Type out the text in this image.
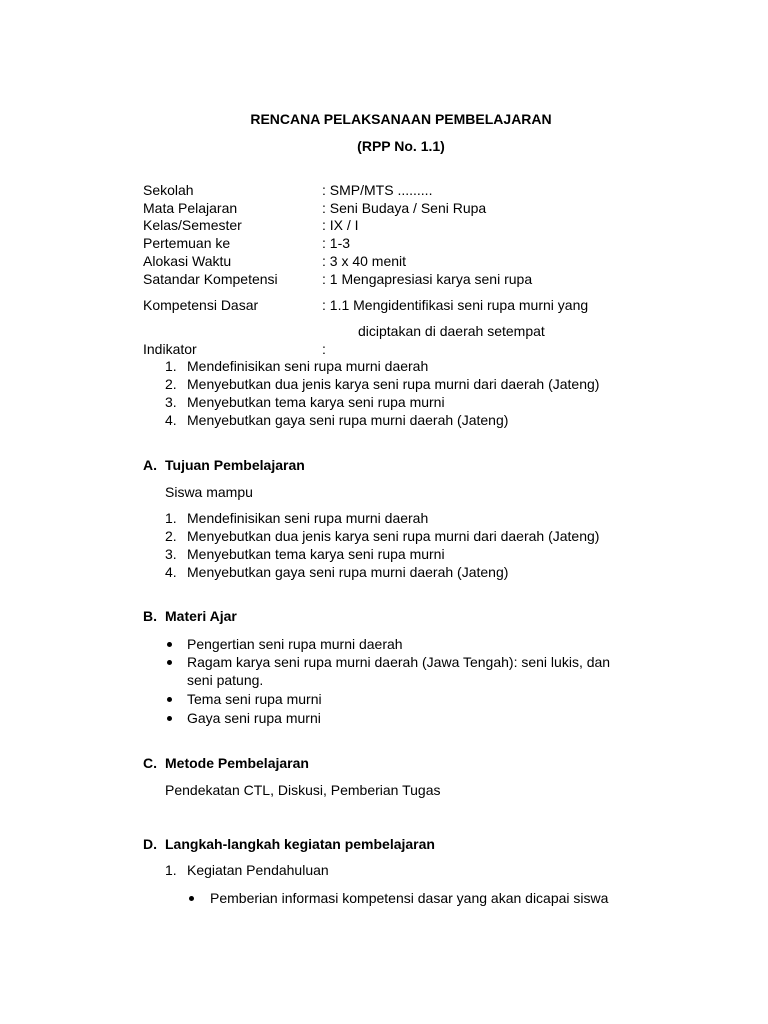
RENCANA PELAKSANAAN PEMBELAJARAN
(RPP No. 1.1)
Sekolah	: SMP/MTS .........
Mata Pelajaran	: Seni Budaya / Seni Rupa
Kelas/Semester	: IX / I
Pertemuan ke	: 1-3
Alokasi Waktu	: 3 x 40 menit
Satandar Kompetensi	: 1 Mengapresiasi karya seni rupa
Kompetensi Dasar	: 1.1 Mengidentifikasi seni rupa murni yang
diciptakan di daerah setempat
Indikator	:
1. Mendefinisikan seni rupa murni daerah
2. Menyebutkan dua jenis karya seni rupa murni dari daerah (Jateng)
3. Menyebutkan tema karya seni rupa murni
4. Menyebutkan gaya seni rupa murni daerah (Jateng)
A. Tujuan Pembelajaran
Siswa mampu
1. Mendefinisikan seni rupa murni daerah
2. Menyebutkan dua jenis karya seni rupa murni dari daerah (Jateng)
3. Menyebutkan tema karya seni rupa murni
4. Menyebutkan gaya seni rupa murni daerah (Jateng)
B. Materi Ajar
Pengertian seni rupa murni daerah
Ragam karya seni rupa murni daerah (Jawa Tengah): seni lukis, dan
seni patung.
Tema seni rupa murni
Gaya seni rupa murni
C. Metode Pembelajaran
Pendekatan CTL, Diskusi, Pemberian Tugas
D. Langkah-langkah kegiatan pembelajaran
1. Kegiatan Pendahuluan
Pemberian informasi kompetensi dasar yang akan dicapai siswa
